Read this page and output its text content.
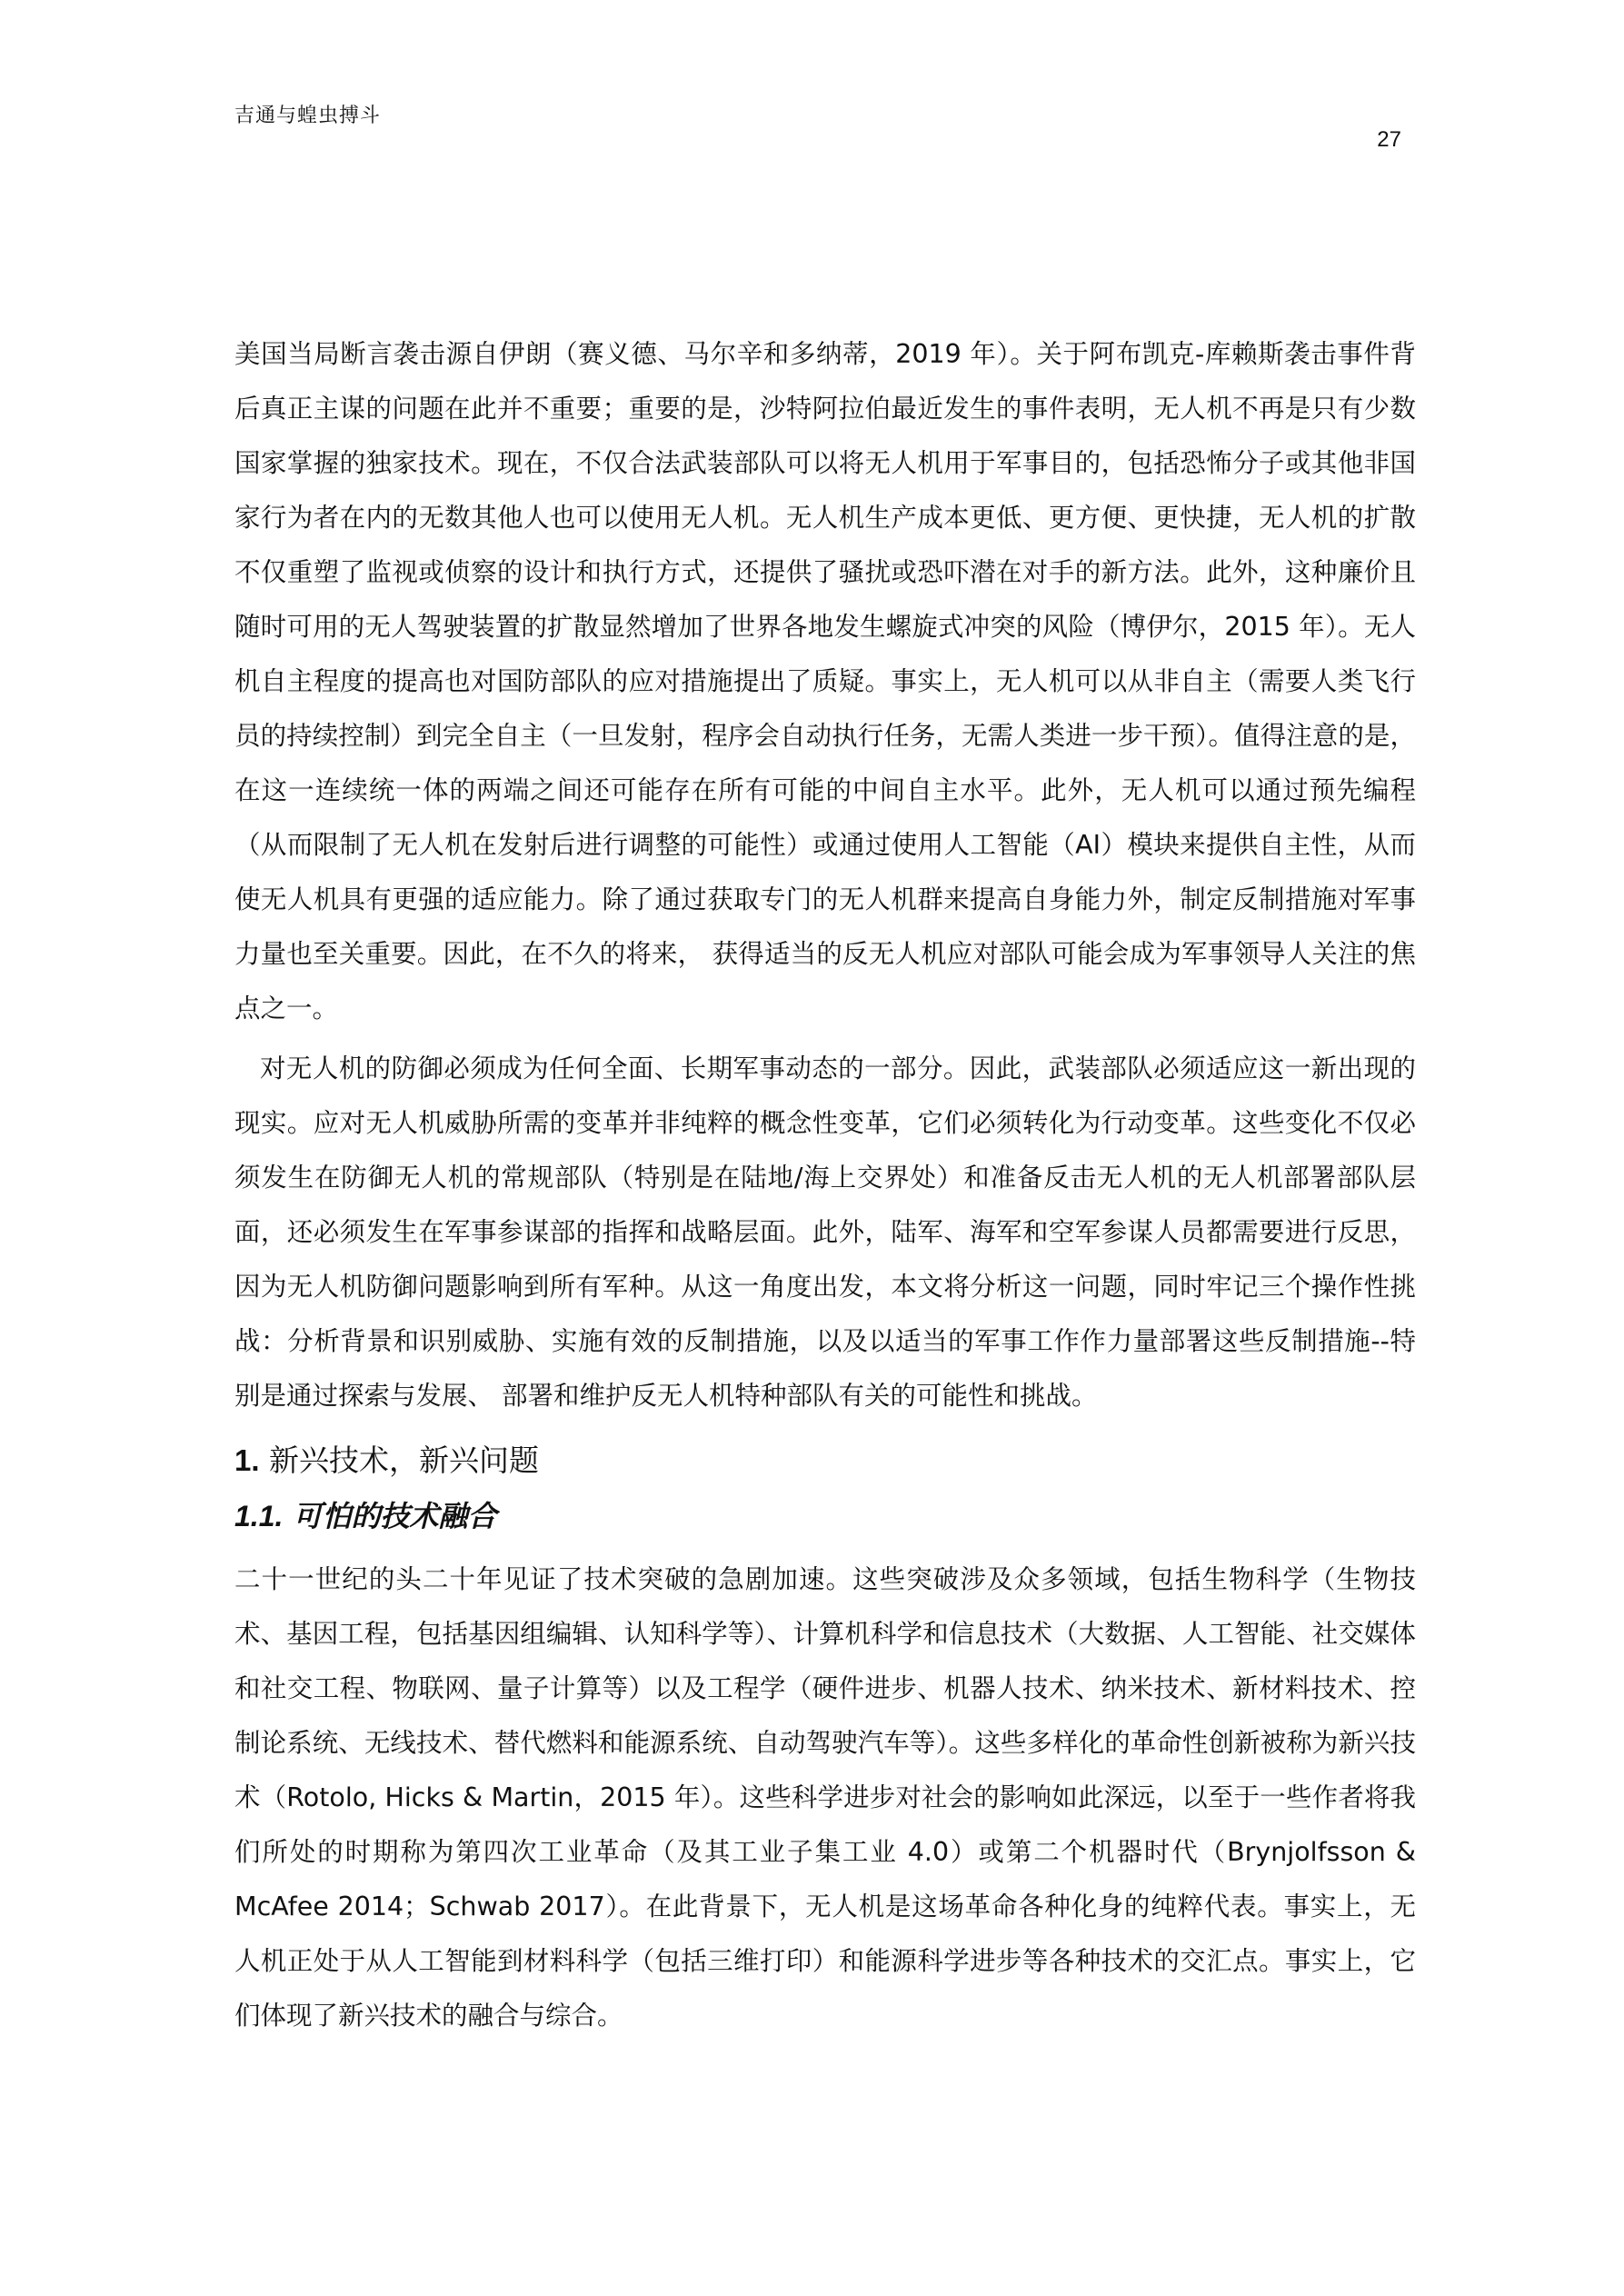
吉通与蝗虫搏斗
27

美国当局断言袭击源自伊朗（赛义德、马尔辛和多纳蒂，2019 年）。关于阿布凯克-库赖斯袭击事件背后真正主谋的问题在此并不重要；重要的是，沙特阿拉伯最近发生的事件表明，无人机不再是只有少数国家掌握的独家技术。现在，不仅合法武装部队可以将无人机用于军事目的，包括恐怖分子或其他非国家行为者在内的无数其他人也可以使用无人机。无人机生产成本更低、更方便、更快捷，无人机的扩散不仅重塑了监视或侦察的设计和执行方式，还提供了骚扰或恐吓潜在对手的新方法。此外，这种廉价且随时可用的无人驾驶装置的扩散显然增加了世界各地发生螺旋式冲突的风险（博伊尔，2015 年）。无人机自主程度的提高也对国防部队的应对措施提出了质疑。事实上，无人机可以从非自主（需要人类飞行员的持续控制）到完全自主（一旦发射，程序会自动执行任务，无需人类进一步干预）。值得注意的是，在这一连续统一体的两端之间还可能存在所有可能的中间自主水平。此外，无人机可以通过预先编程（从而限制了无人机在发射后进行调整的可能性）或通过使用人工智能（AI）模块来提供自主性，从而使无人机具有更强的适应能力。除了通过获取专门的无人机群来提高自身能力外，制定反制措施对军事力量也至关重要。因此，在不久的将来， 获得适当的反无人机应对部队可能会成为军事领导人关注的焦点之一。

对无人机的防御必须成为任何全面、长期军事动态的一部分。因此，武装部队必须适应这一新出现的现实。应对无人机威胁所需的变革并非纯粹的概念性变革，它们必须转化为行动变革。这些变化不仅必须发生在防御无人机的常规部队（特别是在陆地/海上交界处）和准备反击无人机的无人机部署部队层面，还必须发生在军事参谋部的指挥和战略层面。此外，陆军、海军和空军参谋人员都需要进行反思，因为无人机防御问题影响到所有军种。从这一角度出发，本文将分析这一问题，同时牢记三个操作性挑战：分析背景和识别威胁、实施有效的反制措施，以及以适当的军事工作作力量部署这些反制措施--特别是通过探索与发展、 部署和维护反无人机特种部队有关的可能性和挑战。

1. 新兴技术，新兴问题
1.1. 可怕的技术融合

二十一世纪的头二十年见证了技术突破的急剧加速。这些突破涉及众多领域，包括生物科学（生物技术、基因工程，包括基因组编辑、认知科学等）、计算机科学和信息技术（大数据、人工智能、社交媒体和社交工程、物联网、量子计算等）以及工程学（硬件进步、机器人技术、纳米技术、新材料技术、控制论系统、无线技术、替代燃料和能源系统、自动驾驶汽车等）。这些多样化的革命性创新被称为新兴技术（Rotolo, Hicks & Martin，2015 年）。这些科学进步对社会的影响如此深远，以至于一些作者将我们所处的时期称为第四次工业革命（及其工业子集工业 4.0）或第二个机器时代（Brynjolfsson & McAfee 2014；Schwab 2017）。在此背景下，无人机是这场革命各种化身的纯粹代表。事实上，无人机正处于从人工智能到材料科学（包括三维打印）和能源科学进步等各种技术的交汇点。事实上，它们体现了新兴技术的融合与综合。
